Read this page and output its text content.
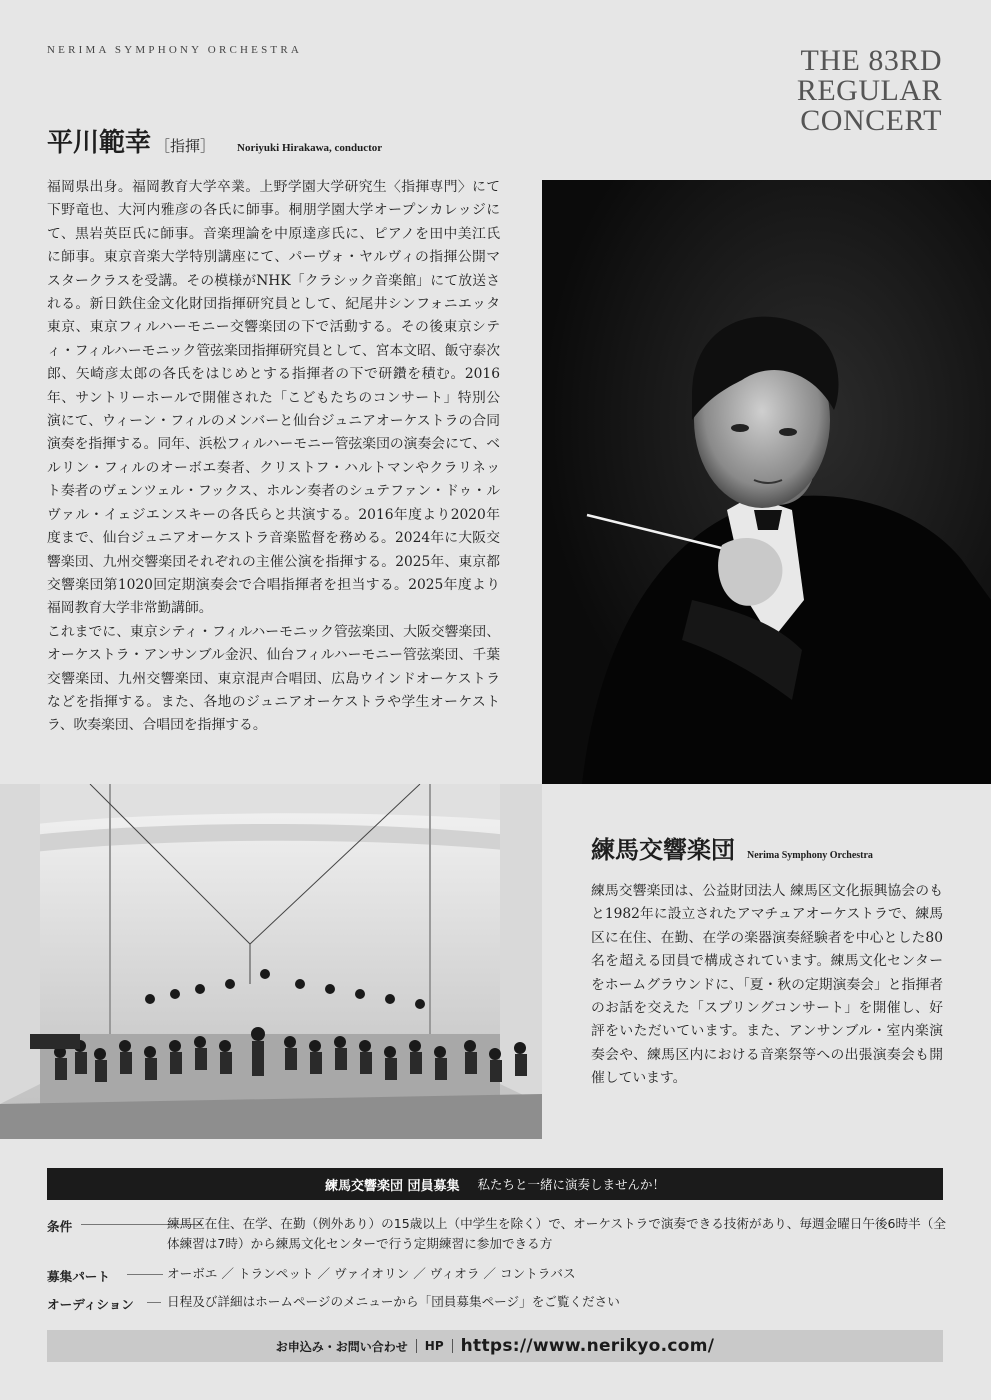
NERIMA SYMPHONY ORCHESTRA	THE 83RD
REGULAR
CONCERT
平川範幸 ［指揮］ Noriyuki Hirakawa, conductor

福岡県出身。福岡教育大学卒業。上野学園大学研究生〈指揮専門〉にて下野竜也、大河内雅彦の各氏に師事。桐朋学園大学オープンカレッジにて、黒岩英臣氏に師事。音楽理論を中原達彦氏に、ピアノを田中美江氏に師事。東京音楽大学特別講座にて、パーヴォ・ヤルヴィの指揮公開マスタークラスを受講。その模様がNHK「クラシック音楽館」にて放送される。新日鉄住金文化財団指揮研究員として、紀尾井シンフォニエッタ東京、東京フィルハーモニー交響楽団の下で活動する。その後東京シティ・フィルハーモニック管弦楽団指揮研究員として、宮本文昭、飯守泰次郎、矢崎彦太郎の各氏をはじめとする指揮者の下で研鑽を積む。2016年、サントリーホールで開催された「こどもたちのコンサート」特別公演にて、ウィーン・フィルのメンバーと仙台ジュニアオーケストラの合同演奏を指揮する。同年、浜松フィルハーモニー管弦楽団の演奏会にて、ベルリン・フィルのオーボエ奏者、クリストフ・ハルトマンやクラリネット奏者のヴェンツェル・フックス、ホルン奏者のシュテファン・ドゥ・ルヴァル・イェジエンスキーの各氏らと共演する。2016年度より2020年度まで、仙台ジュニアオーケストラ音楽監督を務める。2024年に大阪交響楽団、九州交響楽団それぞれの主催公演を指揮する。2025年、東京都交響楽団第1020回定期演奏会で合唱指揮者を担当する。2025年度より福岡教育大学非常勤講師。

これまでに、東京シティ・フィルハーモニック管弦楽団、大阪交響楽団、オーケストラ・アンサンブル金沢、仙台フィルハーモニー管弦楽団、千葉交響楽団、九州交響楽団、東京混声合唱団、広島ウインドオーケストラなどを指揮する。また、各地のジュニアオーケストラや学生オーケストラ、吹奏楽団、合唱団を指揮する。

練馬交響楽団 Nerima Symphony Orchestra
練馬交響楽団は、公益財団法人 練馬区文化振興協会のもと1982年に設立されたアマチュアオーケストラで、練馬区に在住、在勤、在学の楽器演奏経験者を中心とした80名を超える団員で構成されています。練馬文化センターをホームグラウンドに、「夏・秋の定期演奏会」と指揮者のお話を交えた「スプリングコンサート」を開催し、好評をいただいています。また、アンサンブル・室内楽演奏会や、練馬区内における音楽祭等への出張演奏会も開催しています。
練馬交響楽団 団員募集 私たちと一緒に演奏しませんか！
条件	練馬区在住、在学、在勤（例外あり）の15歳以上（中学生を除く）で、オーケストラで演奏できる技術があり、毎週金曜日午後6時半（全体練習は7時）から練馬文化センターで行う定期練習に参加できる方
募集パート	オーボエ ／ トランペット ／ ヴァイオリン ／ ヴィオラ ／ コントラバス
オーディション	日程及び詳細はホームページのメニューから「団員募集ページ」をご覧ください
お申込み・お問い合わせ HP https://www.nerikyo.com/
